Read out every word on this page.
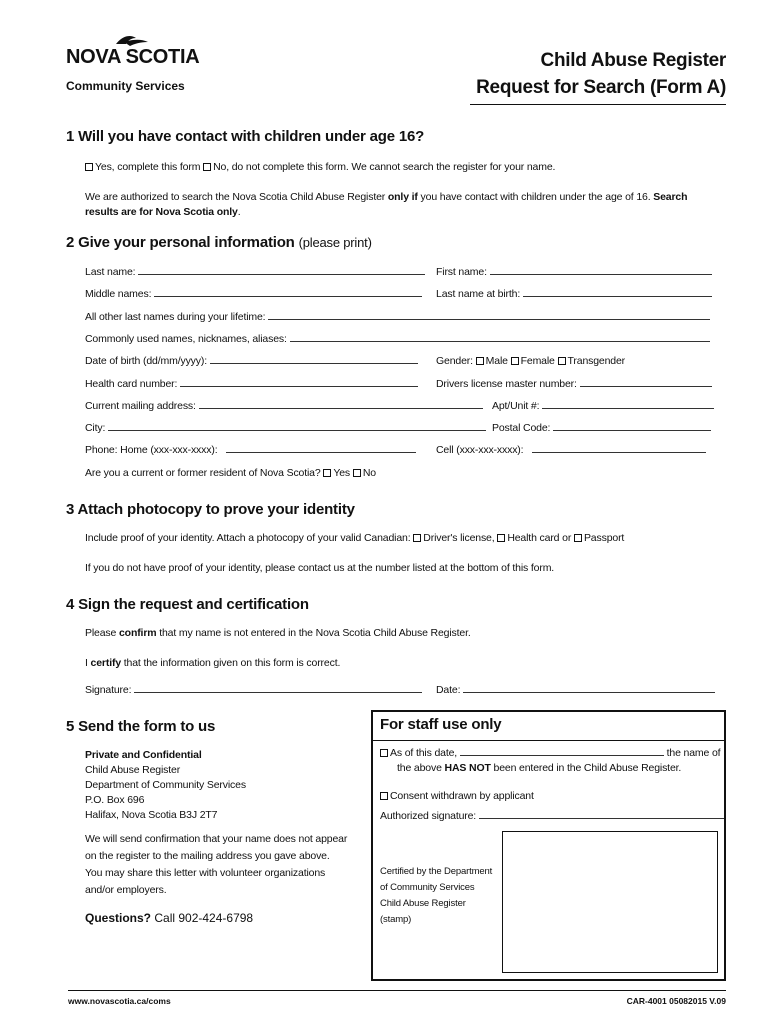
NOVA SCOTIA
Community Services
Child Abuse Register
Request for Search (Form A)
1 Will you have contact with children under age 16?
Yes, complete this form No, do not complete this form. We cannot search the register for your name.
We are authorized to search the Nova Scotia Child Abuse Register only if you have contact with children under the age of 16. Search
results are for Nova Scotia only.
2 Give your personal information (please print)
Last name:	First name:
Middle names:	Last name at birth:
All other last names during your lifetime:
Commonly used names, nicknames, aliases:
Date of birth (dd/mm/yyyy):	Gender: Male Female Transgender
Health card number:	Drivers license master number:
Current mailing address:	Apt/Unit #:
City:	Postal Code:
Phone: Home (xxx-xxx-xxxx):	Cell (xxx-xxx-xxxx):
Are you a current or former resident of Nova Scotia? Yes No
3 Attach photocopy to prove your identity
Include proof of your identity. Attach a photocopy of your valid Canadian: Driver's license, Health card or Passport
If you do not have proof of your identity, please contact us at the number listed at the bottom of this form.
4 Sign the request and certification
Please confirm that my name is not entered in the Nova Scotia Child Abuse Register.
I certify that the information given on this form is correct.
Signature:	Date:
5 Send the form to us
Private and Confidential
Child Abuse Register
Department of Community Services
P.O. Box 696
Halifax, Nova Scotia B3J 2T7
We will send confirmation that your name does not appear
on the register to the mailing address you gave above.
You may share this letter with volunteer organizations
and/or employers.
Questions? Call 902-424-6798
For staff use only
As of this date,	the name of
the above HAS NOT been entered in the Child Abuse Register.
Consent withdrawn by applicant
Authorized signature:
Certified by the Department
of Community Services
Child Abuse Register
(stamp)
www.novascotia.ca/coms	CAR-4001 05082015 V.09
